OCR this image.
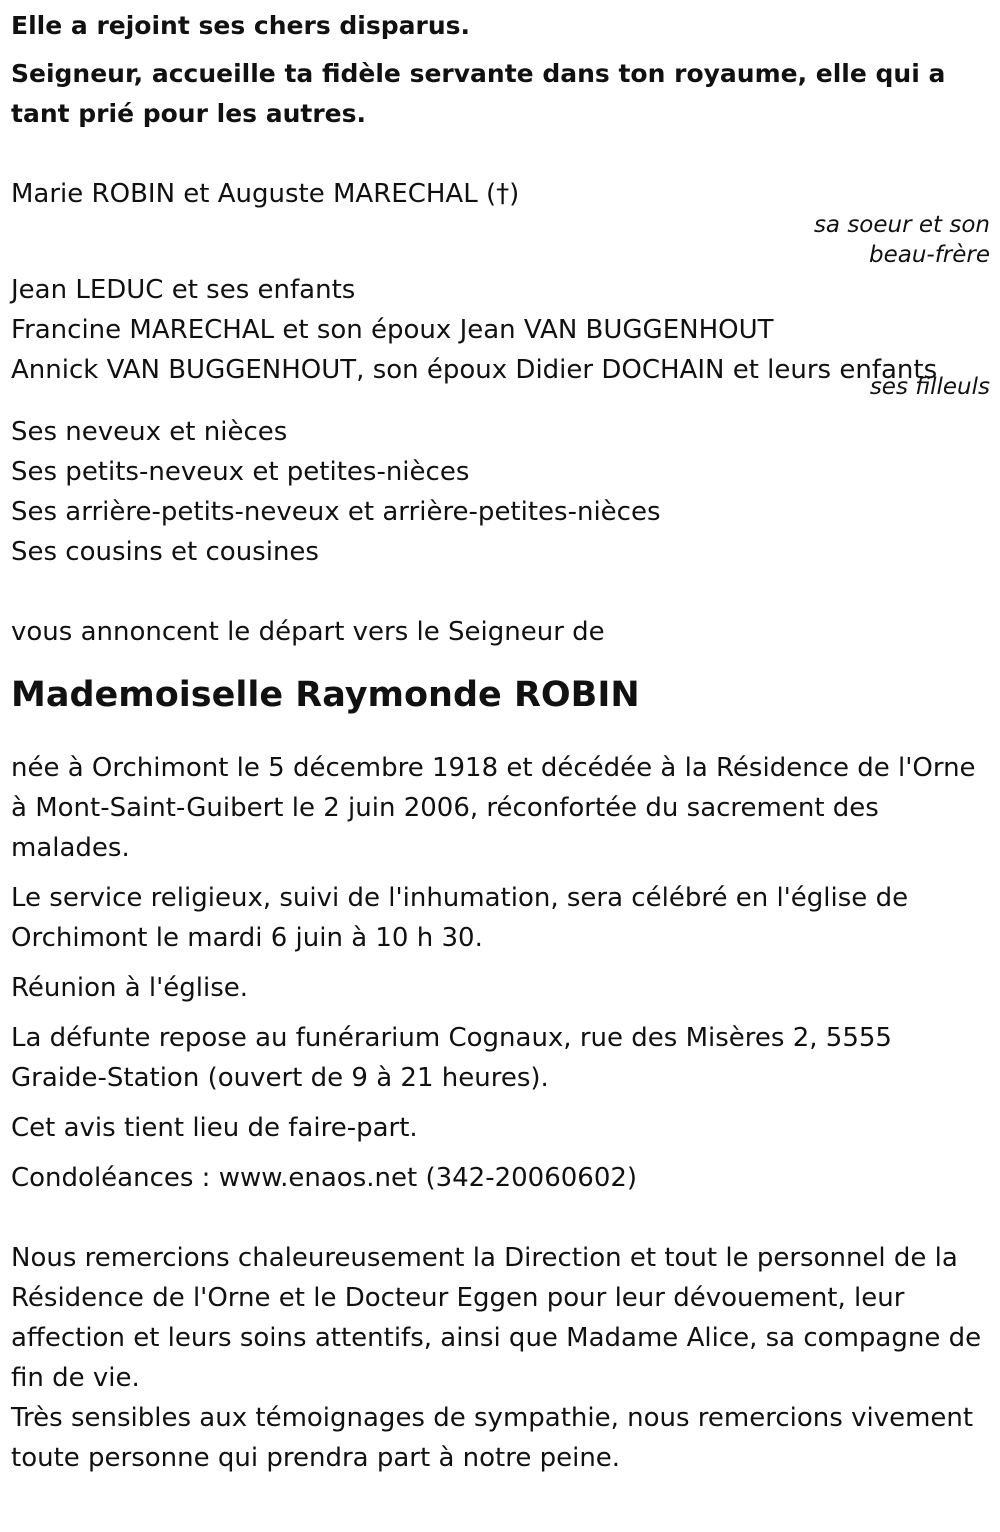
Elle a rejoint ses chers disparus.

Seigneur, accueille ta fidèle servante dans ton royaume, elle qui a tant prié pour les autres.

Marie ROBIN et Auguste MARECHAL (†)

sa soeur et son
beau-frère

Jean LEDUC et ses enfants

Francine MARECHAL et son époux Jean VAN BUGGENHOUT

Annick VAN BUGGENHOUT, son époux Didier DOCHAIN et leurs enfants

ses filleuls

Ses neveux et nièces

Ses petits-neveux et petites-nièces

Ses arrière-petits-neveux et arrière-petites-nièces

Ses cousins et cousines

vous annoncent le départ vers le Seigneur de

Mademoiselle Raymonde ROBIN

née à Orchimont le 5 décembre 1918 et décédée à la Résidence de l'Orne à Mont-Saint-Guibert le 2 juin 2006, réconfortée du sacrement des malades.

Le service religieux, suivi de l'inhumation, sera célébré en l'église de Orchimont le mardi 6 juin à 10 h 30.

Réunion à l'église.

La défunte repose au funérarium Cognaux, rue des Misères 2, 5555 Graide-Station (ouvert de 9 à 21 heures).

Cet avis tient lieu de faire-part.

Condoléances : www.enaos.net (342-20060602)

Nous remercions chaleureusement la Direction et tout le personnel de la Résidence de l'Orne et le Docteur Eggen pour leur dévouement, leur affection et leurs soins attentifs, ainsi que Madame Alice, sa compagne de fin de vie.

Très sensibles aux témoignages de sympathie, nous remercions vivement toute personne qui prendra part à notre peine.
